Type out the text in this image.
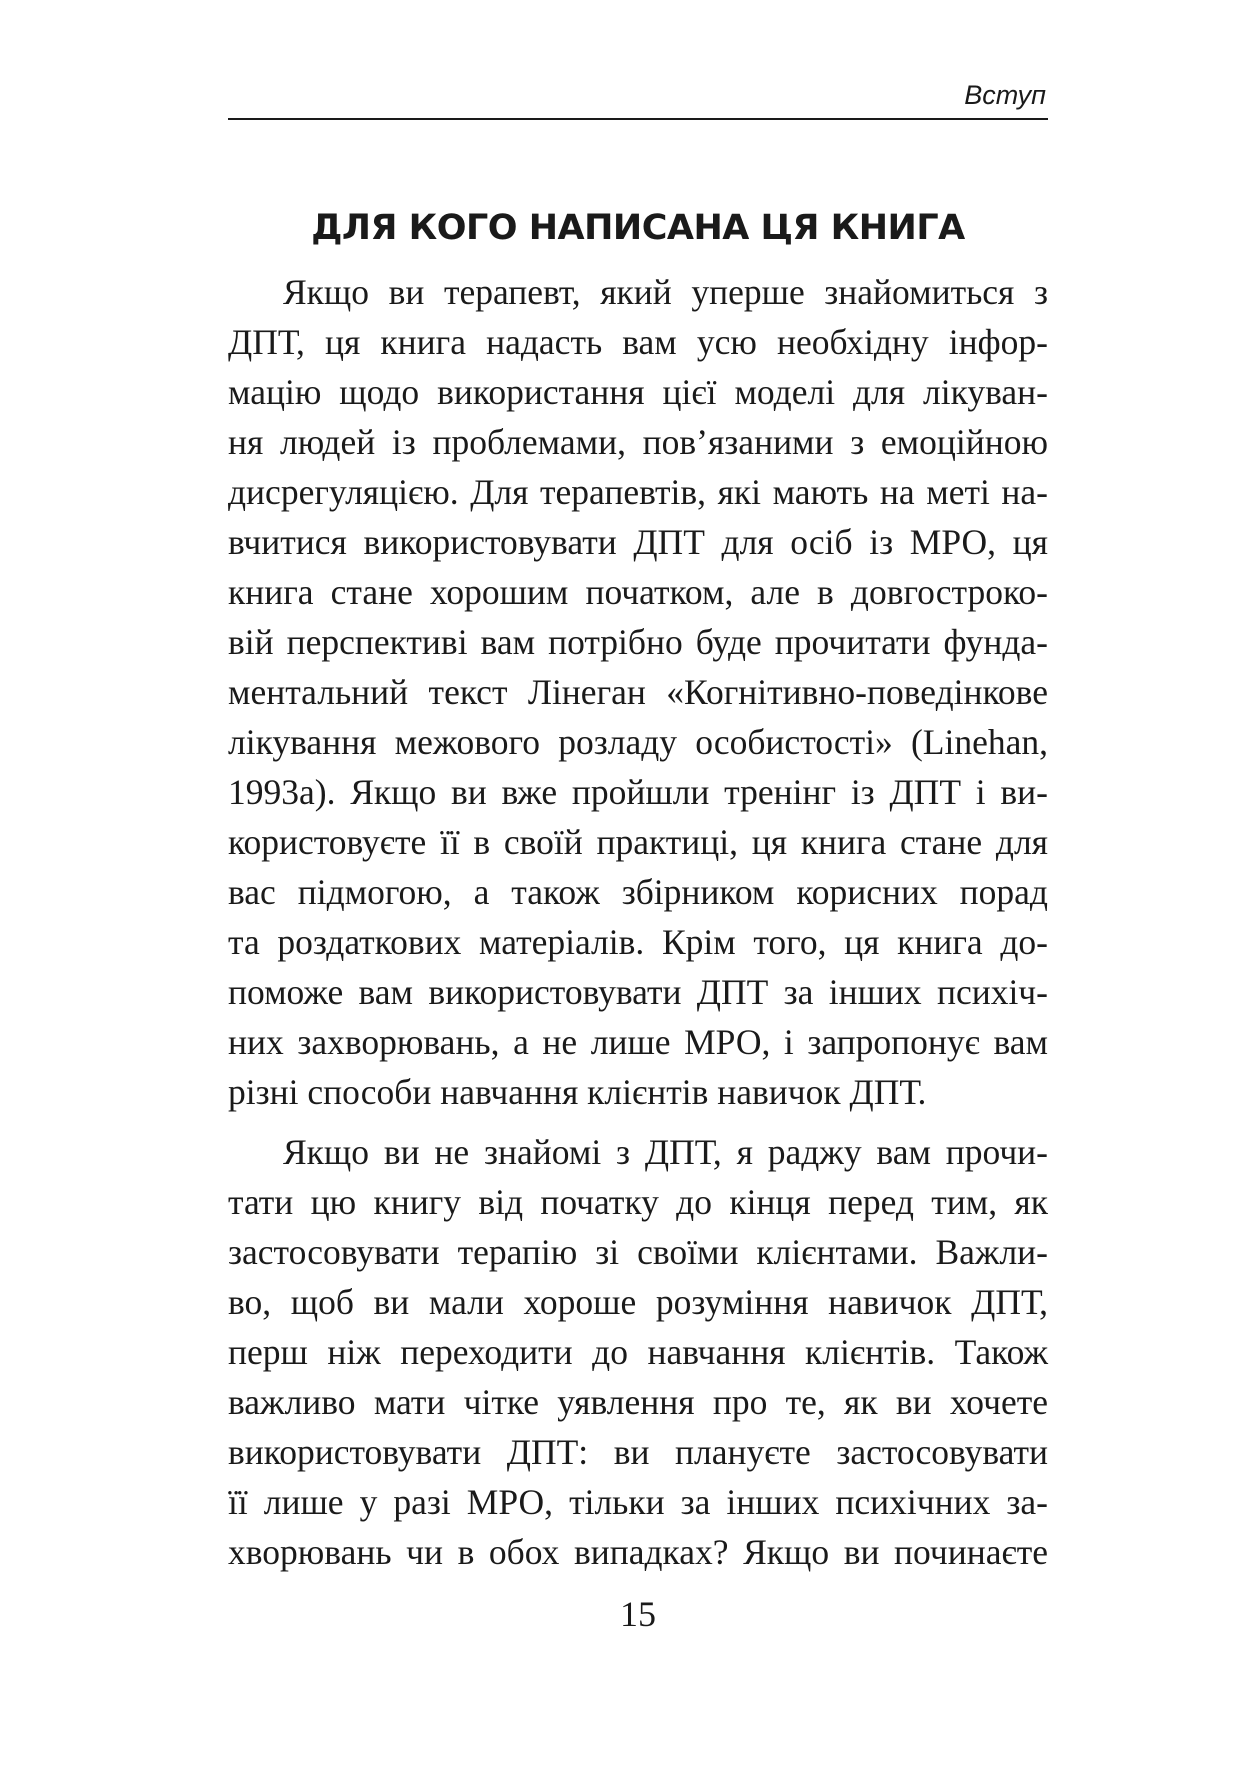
Вступ
ДЛЯ КОГО НАПИСАНА ЦЯ КНИГА
Якщо ви терапевт, який уперше знайомиться з
ДПТ, ця книга надасть вам усю необхідну інфор-
мацію щодо використання цієї моделі для лікуван-
ня людей із проблемами, пов’язаними з емоційною
дисрегуляцією. Для терапевтів, які мають на меті на-
вчитися використовувати ДПТ для осіб із МРО, ця
книга стане хорошим початком, але в довгостроко-
вій перспективі вам потрібно буде прочитати фунда-
ментальний текст Лінеган «Когнітивно-поведінкове
лікування межового розладу особистості» (Linehan,
1993a). Якщо ви вже пройшли тренінг із ДПТ і ви-
користовуєте її в своїй практиці, ця книга стане для
вас підмогою, а також збірником корисних порад
та роздаткових матеріалів. Крім того, ця книга до-
поможе вам використовувати ДПТ за інших психіч-
них захворювань, а не лише МРО, і запропонує вам
різні способи навчання клієнтів навичок ДПТ.
Якщо ви не знайомі з ДПТ, я раджу вам прочи-
тати цю книгу від початку до кінця перед тим, як
застосовувати терапію зі своїми клієнтами. Важли-
во, щоб ви мали хороше розуміння навичок ДПТ,
перш ніж переходити до навчання клієнтів. Також
важливо мати чітке уявлення про те, як ви хочете
використовувати ДПТ: ви плануєте застосовувати
її лише у разі МРО, тільки за інших психічних за-
хворювань чи в обох випадках? Якщо ви починаєте
15
